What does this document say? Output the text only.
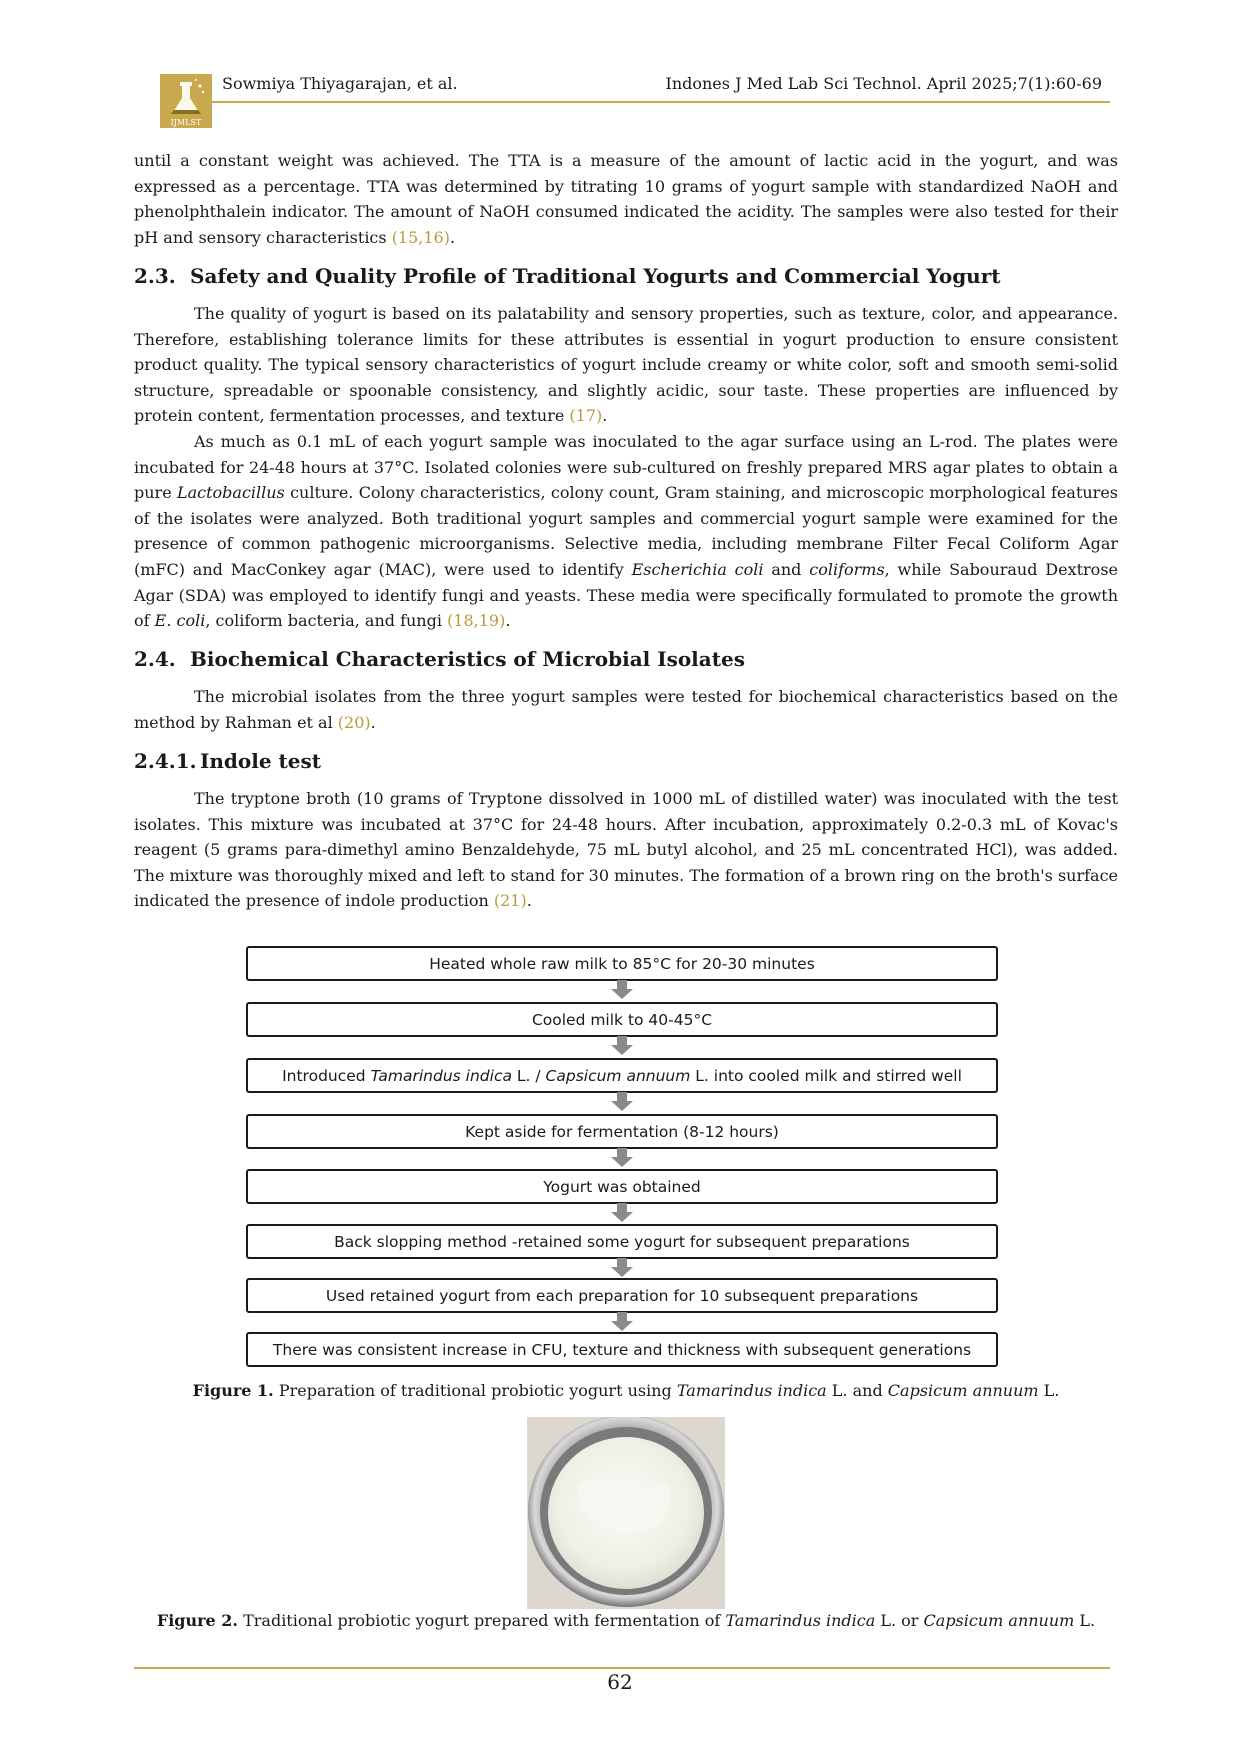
IJMLST
Sowmiya Thiyagarajan, et al.	Indones J Med Lab Sci Technol. April 2025;7(1):60-69

until a constant weight was achieved. The TTA is a measure of the amount of lactic acid in the yogurt, and was expressed as a percentage. TTA was determined by titrating 10 grams of yogurt sample with standardized NaOH and phenolphthalein indicator. The amount of NaOH consumed indicated the acidity. The samples were also tested for their pH and sensory characteristics (15,16).

2.3. Safety and Quality Profile of Traditional Yogurts and Commercial Yogurt

The quality of yogurt is based on its palatability and sensory properties, such as texture, color, and appearance. Therefore, establishing tolerance limits for these attributes is essential in yogurt production to ensure consistent product quality. The typical sensory characteristics of yogurt include creamy or white color, soft and smooth semi-solid structure, spreadable or spoonable consistency, and slightly acidic, sour taste. These properties are influenced by protein content, fermentation processes, and texture (17).

As much as 0.1 mL of each yogurt sample was inoculated to the agar surface using an L-rod. The plates were incubated for 24-48 hours at 37°C. Isolated colonies were sub-cultured on freshly prepared MRS agar plates to obtain a pure Lactobacillus culture. Colony characteristics, colony count, Gram staining, and microscopic morphological features of the isolates were analyzed. Both traditional yogurt samples and commercial yogurt sample were examined for the presence of common pathogenic microorganisms. Selective media, including membrane Filter Fecal Coliform Agar (mFC) and MacConkey agar (MAC), were used to identify Escherichia coli and coliforms, while Sabouraud Dextrose Agar (SDA) was employed to identify fungi and yeasts. These media were specifically formulated to promote the growth of E. coli, coliform bacteria, and fungi (18,19).

2.4. Biochemical Characteristics of Microbial Isolates

The microbial isolates from the three yogurt samples were tested for biochemical characteristics based on the method by Rahman et al (20).

2.4.1. Indole test

The tryptone broth (10 grams of Tryptone dissolved in 1000 mL of distilled water) was inoculated with the test isolates. This mixture was incubated at 37°C for 24-48 hours. After incubation, approximately 0.2-0.3 mL of Kovac's reagent (5 grams para-dimethyl amino Benzaldehyde, 75 mL butyl alcohol, and 25 mL concentrated HCl), was added. The mixture was thoroughly mixed and left to stand for 30 minutes. The formation of a brown ring on the broth's surface indicated the presence of indole production (21).

Heated whole raw milk to 85°C for 20-30 minutes
Cooled milk to 40-45°C
Introduced Tamarindus indica L. / Capsicum annuum L. into cooled milk and stirred well
Kept aside for fermentation (8-12 hours)
Yogurt was obtained
Back slopping method -retained some yogurt for subsequent preparations
Used retained yogurt from each preparation for 10 subsequent preparations
There was consistent increase in CFU, texture and thickness with subsequent generations
Figure 1. Preparation of traditional probiotic yogurt using Tamarindus indica L. and Capsicum annuum L.
Figure 2. Traditional probiotic yogurt prepared with fermentation of Tamarindus indica L. or Capsicum annuum L.
62
